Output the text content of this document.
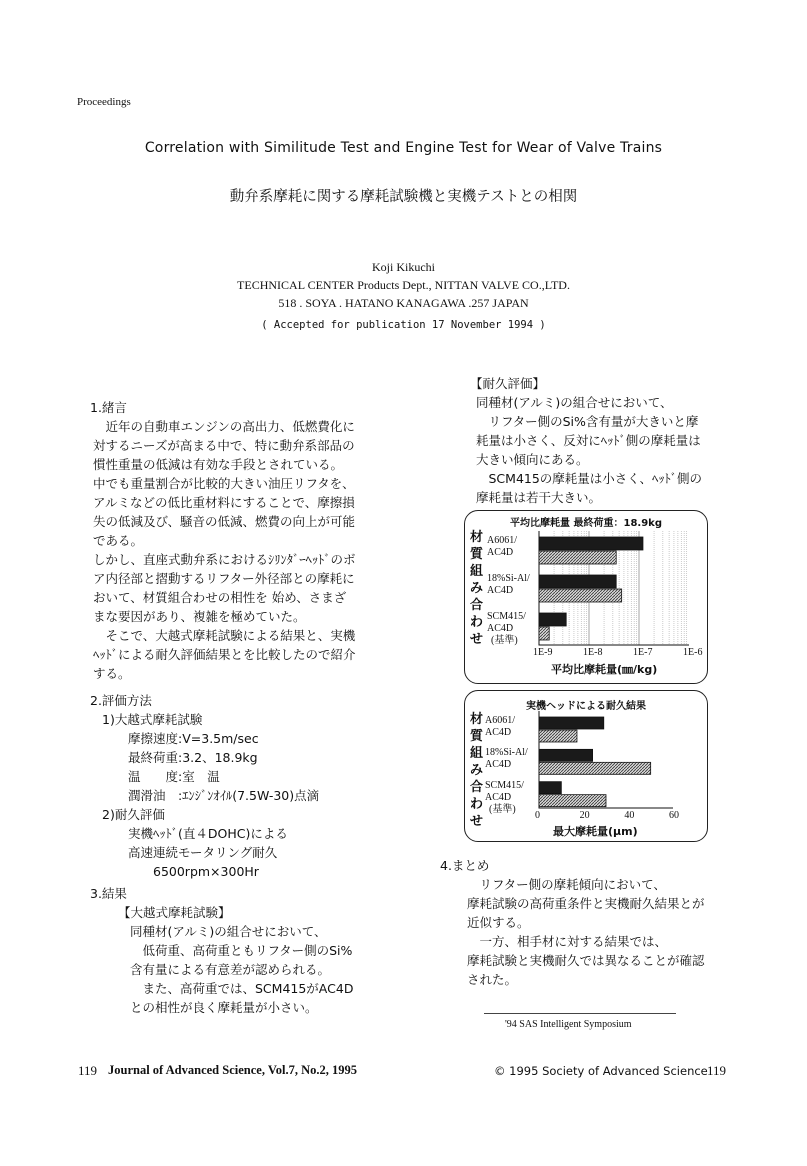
Proceedings
Correlation with Similitude Test and Engine Test for Wear of Valve Trains
動弁系摩耗に関する摩耗試験機と実機テストとの相関
Koji Kikuchi
TECHNICAL CENTER Products Dept., NITTAN VALVE CO.,LTD.
518 . SOYA . HATANO KANAGAWA .257 JAPAN
( Accepted for publication 17 November 1994 )
1.緒言
　近年の自動車エンジンの高出力、低燃費化に
対するニーズが高まる中で、特に動弁系部品の
慣性重量の低減は有効な手段とされている。
中でも重量割合が比較的大きい油圧リフタを、
アルミなどの低比重材料にすることで、摩擦損
失の低減及び、騒音の低減、燃費の向上が可能
である。
しかし、直座式動弁系におけるｼﾘﾝﾀﾞｰﾍｯﾄﾞのボ
ア内径部と摺動するリフター外径部との摩耗に
おいて、材質組合わせの相性を 始め、さまざ
まな要因があり、複雑を極めていた。
　そこで、大越式摩耗試験による結果と、実機
ﾍｯﾄﾞによる耐久評価結果とを比較したので紹介
する。
2.評価方法
1)大越式摩耗試験
摩擦速度:V=3.5m/sec
最終荷重:3.2、18.9kg
温　　度:室　温
潤滑油　:ｴﾝｼﾞﾝｵｲﾙ(7.5W-30)点滴
2)耐久評価
実機ﾍｯﾄﾞ(直４DOHC)による
高速連続モータリング耐久
　　6500rpm×300Hr
3.結果
【大越式摩耗試験】
同種材(アルミ)の組合せにおいて、
　低荷重、高荷重ともリフター側のSi%
含有量による有意差が認められる。
　また、高荷重では、SCM415がAC4D
との相性が良く摩耗量が小さい。
【耐久評価】
同種材(アルミ)の組合せにおいて、
　リフター側のSi%含有量が大きいと摩
耗量は小さく、反対にﾍｯﾄﾞ側の摩耗量は
大きい傾向にある。
　SCM415の摩耗量は小さく、ﾍｯﾄﾞ側の
摩耗量は若干大きい。
平均比摩耗量 最終荷重：18.9kg
材
質
組
み
合
わ
せ
A6061/
AC4D
18%Si-Al/
AC4D
SCM415/
AC4D
(基準)
平均比摩耗量(㎜/kg)
1E-9	1E-8	1E-7	1E-6
実機ヘッドによる耐久結果
材
質
組
み
合
わ
せ
A6061/
AC4D
18%Si-Al/
AC4D
SCM415/
AC4D
(基準)
最大摩耗量(μm)
0	20	40	60
4.まとめ
　リフター側の摩耗傾向において、
摩耗試験の高荷重条件と実機耐久結果とが
近似する。
　一方、相手材に対する結果では、
摩耗試験と実機耐久では異なることが確認
された。
'94 SAS Intelligent Symposium
119 Journal of Advanced Science, Vol.7, No.2, 1995	© 1995 Society of Advanced Science 119
